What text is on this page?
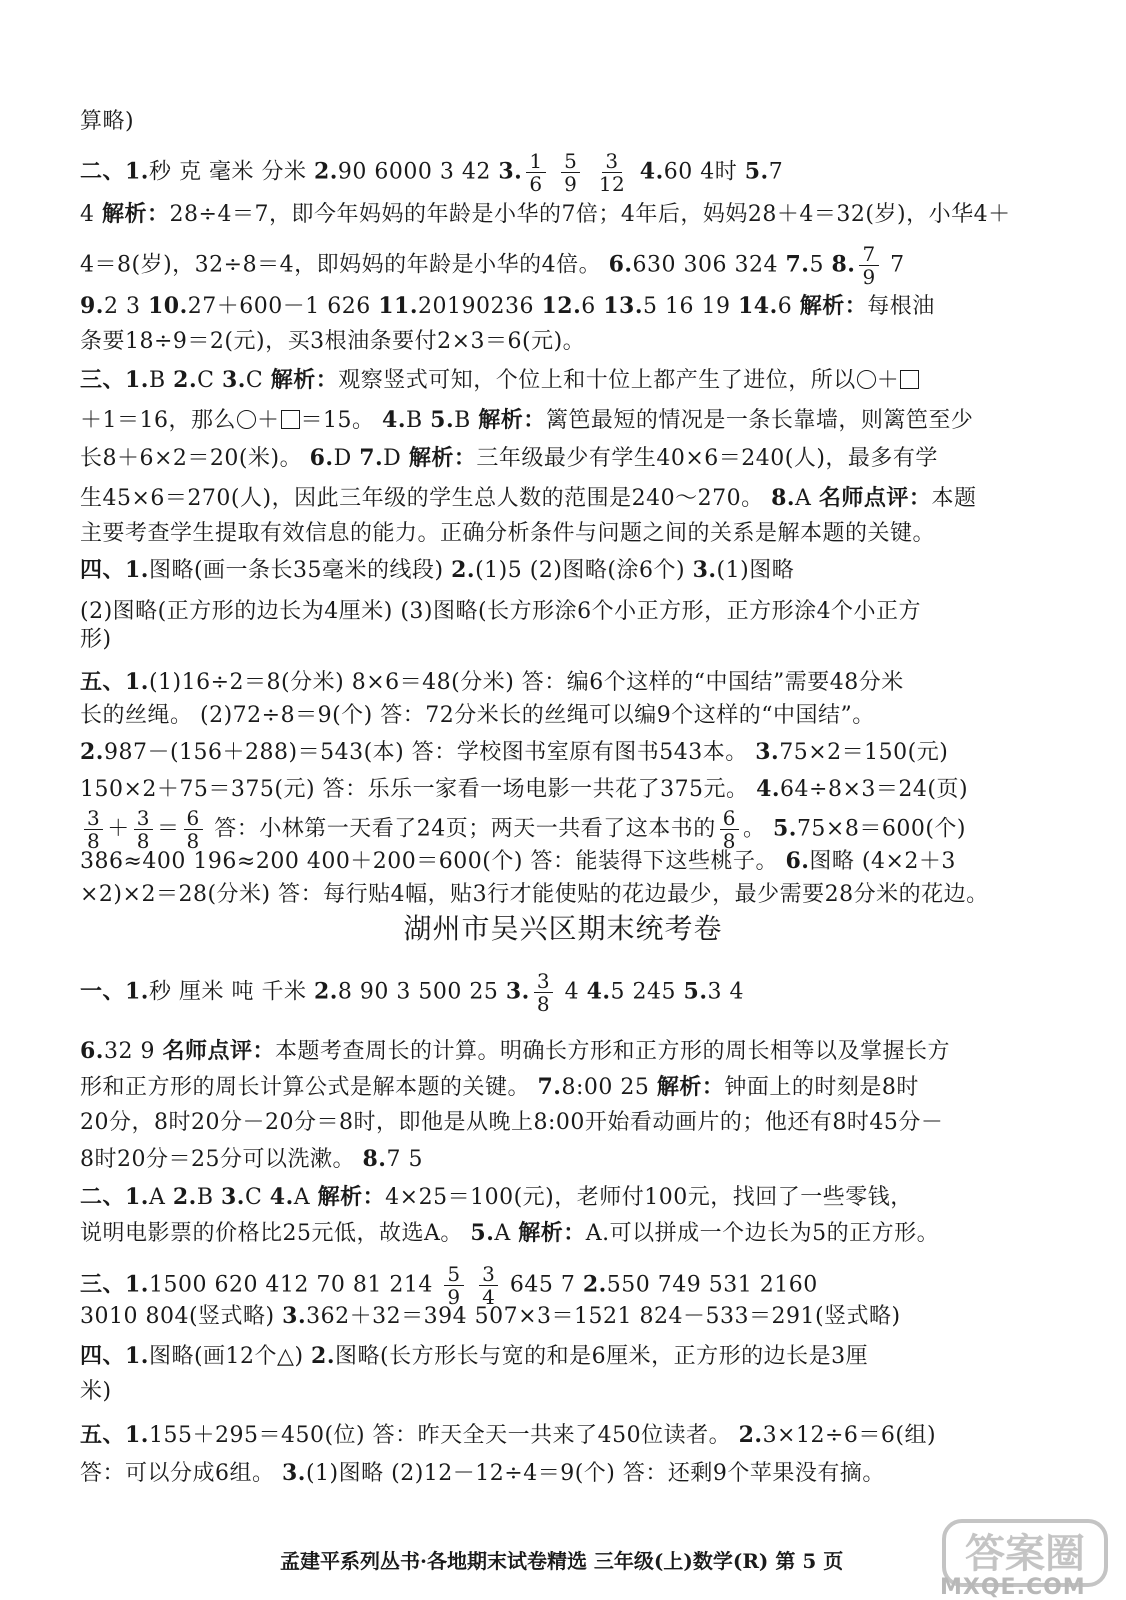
算略)
二、1.秒 克 毫米 分米 2.90 6000 3 42 3. $\frac{1}{6}$
$\frac{5}{9}$
$\frac{3}{12} 4.60$ 4时 5.7
4 解析：28÷4＝7，即今年妈妈的年龄是小华的7倍；4年后，妈妈28＋4＝32(岁)，小华4＋
4＝8(岁)，32÷8＝4，即妈妈的年龄是小华的4倍。 6.630 306 324 7.5 8. $\frac{7}{9} 7$
9.2 3 10.27＋600－1 626 11.20190236 12.6 13.5 16 19 14.6 解析：每根油
条要18÷9＝2(元)，买3根油条要付2×3＝6(元)。
三、1.B 2.C 3.C 解析：观察竖式可知，个位上和十位上都产生了进位，所以 ＋
＋1＝16，那么 ＋ ＝15。 4.B 5.B 解析：篱笆最短的情况是一条长靠墙，则篱笆至少
长8＋6×2＝20(米)。 6.D 7.D 解析：三年级最少有学生40×6＝240(人)，最多有学
生45×6＝270(人)，因此三年级的学生总人数的范围是240～270。 8.A 名师点评：本题
主要考查学生提取有效信息的能力。正确分析条件与问题之间的关系是解本题的关键。
四、1.图略(画一条长35毫米的线段) 2.(1)5 (2)图略(涂6个) 3.(1)图略
(2)图略(正方形的边长为4厘米) (3)图略(长方形涂6个小正方形，正方形涂4个小正方
形)
五、1.(1)16÷2＝8(分米) 8×6＝48(分米) 答：编6个这样的“中国结”需要48分米
长的丝绳。 (2)72÷8＝9(个) 答：72分米长的丝绳可以编9个这样的“中国结”。
2.987－(156＋288)＝543(本) 答：学校图书室原有图书543本。 3.75×2＝150(元)
150×2＋75＝375(元) 答：乐乐一家看一场电影一共花了375元。 4.64÷8×3＝24(页)
$\frac{3}{8} + \frac{3}{8} = \frac{6}{8}$ 答：小林第一天看了24页；两天一共看了这本书的 $\frac{6}{8}$ 。 5.75×8＝600(个)
386≈400 196≈200 400＋200＝600(个) 答：能装得下这些桃子。 6.图略 (4×2＋3
×2)×2＝28(分米) 答：每行贴4幅，贴3行才能使贴的花边最少，最少需要28分米的花边。
一、1.秒 厘米 吨 千米 2.8 90 3 500 25 3. $\frac{3}{8} 4$ 4.5 245 5.3 4
6.32 9 名师点评：本题考查周长的计算。明确长方形和正方形的周长相等以及掌握长方
形和正方形的周长计算公式是解本题的关键。 7.8:00 25 解析：钟面上的时刻是8时
20分，8时20分－20分＝8时，即他是从晚上8:00开始看动画片的；他还有8时45分－
8时20分＝25分可以洗漱。 8.7 5
二、1.A 2.B 3.C 4.A 解析：4×25＝100(元)，老师付100元，找回了一些零钱，
说明电影票的价格比25元低，故选A。 5.A 解析：A.可以拼成一个边长为5的正方形。
三、1.1500 620 412 70 81 $214 \frac{5}{9}$
$\frac{3}{4} 645$ 7 2.550 749 531 2160
3010 804(竖式略) 3.362＋32＝394 507×3＝1521 824－533＝291(竖式略)
四、1.图略(画12个△) 2.图略(长方形长与宽的和是6厘米，正方形的边长是3厘
米)
五、1.155＋295＝450(位) 答：昨天全天一共来了450位读者。 2.3×12÷6＝6(组)
答：可以分成6组。 3.(1)图略 (2)12－12÷4＝9(个) 答：还剩9个苹果没有摘。
湖州市吴兴区期末统考卷
孟建平系列丛书·各地期末试卷精选 三年级(上)数学(R) 第 5 页	答案圈
MXQE.COM
